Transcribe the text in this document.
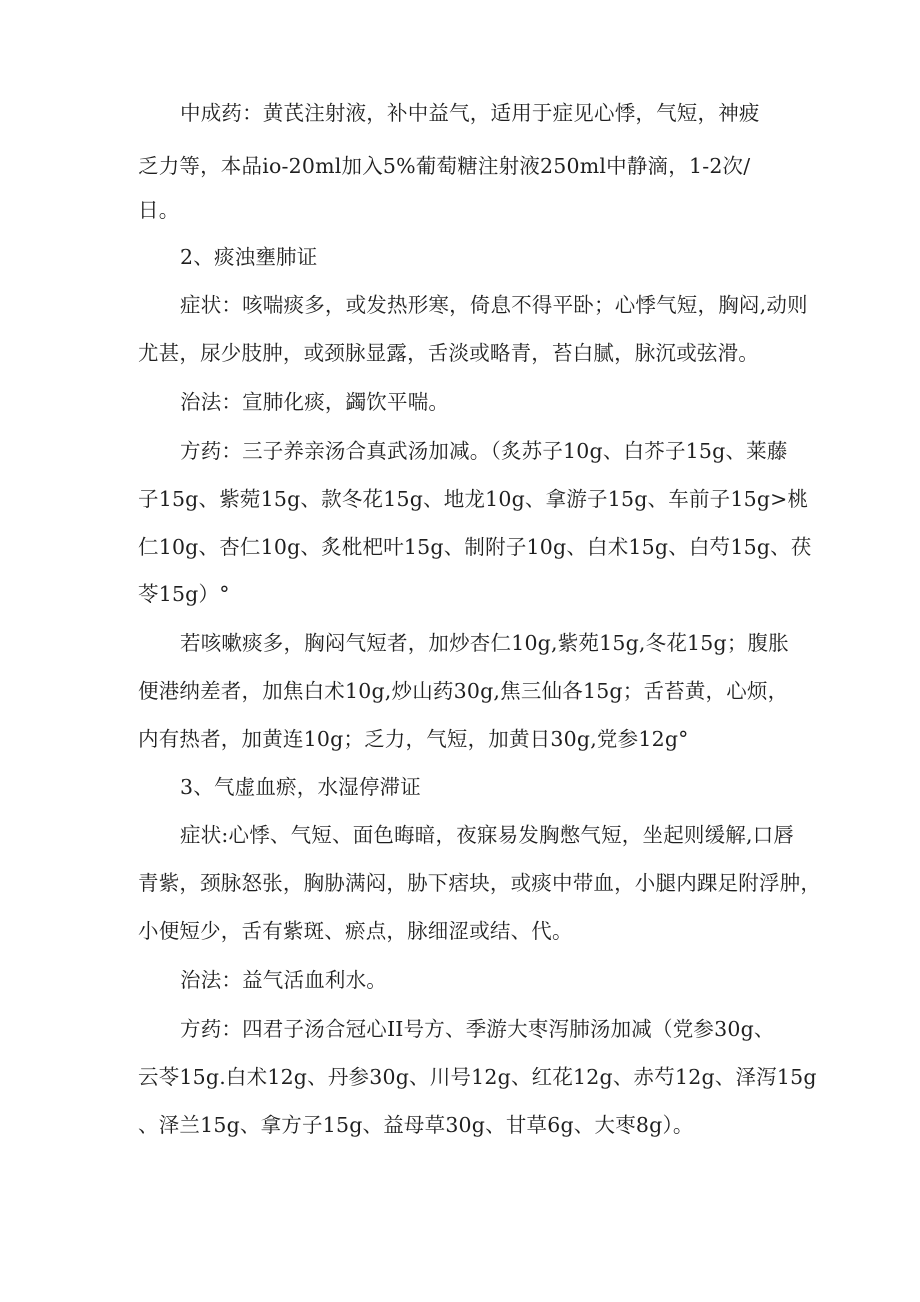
中成药：黄芪注射液，补中益气，适用于症见心悸，气短，神疲
乏力等，本品io-20ml加入5%葡萄糖注射液250ml中静滴，1-2次/
日。
2、痰浊壅肺证
症状：咳喘痰多，或发热形寒，倚息不得平卧；心悸气短，胸闷,动则
尤甚，尿少肢肿，或颈脉显露，舌淡或略青，苔白腻，脉沉或弦滑。
治法：宣肺化痰，蠲饮平喘。
方药：三子养亲汤合真武汤加减。（炙苏子10g、白芥子15g、莱藤
子15g、紫菀15g、款冬花15g、地龙10g、拿游子15g、车前子15g>桃
仁10g、杏仁10g、炙枇杷叶15g、制附子10g、白术15g、白芍15g、茯
苓15g）°
若咳嗽痰多，胸闷气短者，加炒杏仁10g,紫苑15g,冬花15g；腹胀
便港纳差者，加焦白术10g,炒山药30g,焦三仙各15g；舌苔黄，心烦，
内有热者，加黄连10g；乏力，气短，加黄日30g,党参12g°
3、气虚血瘀，水湿停滞证
症状:心悸、气短、面色晦暗，夜寐易发胸憋气短，坐起则缓解,口唇
青紫，颈脉怒张，胸胁满闷，胁下痞块，或痰中带血，小腿内踝足附浮肿，
小便短少，舌有紫斑、瘀点，脉细涩或结、代。
治法：益气活血利水。
方药：四君子汤合冠心II号方、季游大枣泻肺汤加减（党参30g、
云苓15g.白术12g、丹参30g、川号12g、红花12g、赤芍12g、泽泻15g
、泽兰15g、拿方子15g、益母草30g、甘草6g、大枣8g）。
